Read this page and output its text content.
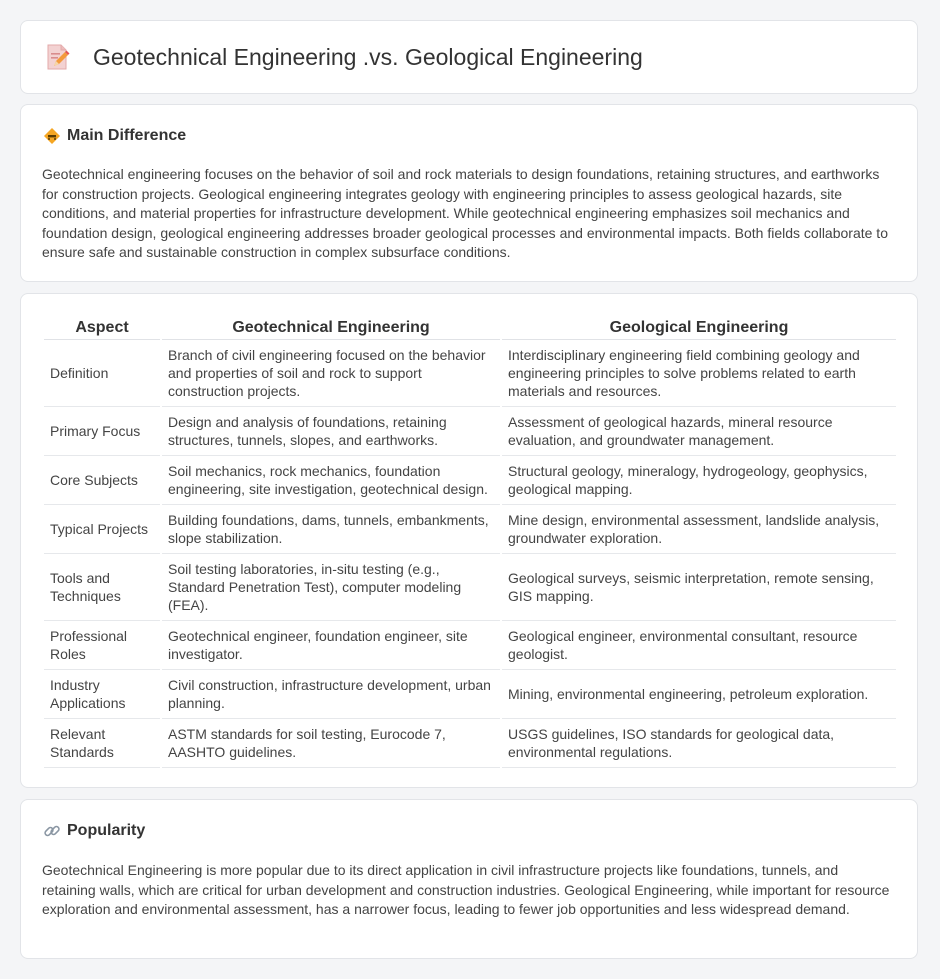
Geotechnical Engineering .vs. Geological Engineering
Main Difference

Geotechnical engineering focuses on the behavior of soil and rock materials to design foundations, retaining structures, and earthworks for construction projects. Geological engineering integrates geology with engineering principles to assess geological hazards, site conditions, and material properties for infrastructure development. While geotechnical engineering emphasizes soil mechanics and foundation design, geological engineering addresses broader geological processes and environmental impacts. Both fields collaborate to ensure safe and sustainable construction in complex subsurface conditions.

Aspect	Geotechnical Engineering	Geological Engineering
Definition	Branch of civil engineering focused on the behavior and properties of soil and rock to support construction projects.	Interdisciplinary engineering field combining geology and engineering principles to solve problems related to earth materials and resources.
Primary Focus	Design and analysis of foundations, retaining structures, tunnels, slopes, and earthworks.	Assessment of geological hazards, mineral resource evaluation, and groundwater management.
Core Subjects	Soil mechanics, rock mechanics, foundation engineering, site investigation, geotechnical design.	Structural geology, mineralogy, hydrogeology, geophysics, geological mapping.
Typical Projects	Building foundations, dams, tunnels, embankments, slope stabilization.	Mine design, environmental assessment, landslide analysis, groundwater exploration.
Tools and Techniques	Soil testing laboratories, in-situ testing (e.g., Standard Penetration Test), computer modeling (FEA).	Geological surveys, seismic interpretation, remote sensing, GIS mapping.
Professional Roles	Geotechnical engineer, foundation engineer, site investigator.	Geological engineer, environmental consultant, resource geologist.
Industry Applications	Civil construction, infrastructure development, urban planning.	Mining, environmental engineering, petroleum exploration.
Relevant Standards	ASTM standards for soil testing, Eurocode 7, AASHTO guidelines.	USGS guidelines, ISO standards for geological data, environmental regulations.
Popularity

Geotechnical Engineering is more popular due to its direct application in civil infrastructure projects like foundations, tunnels, and retaining walls, which are critical for urban development and construction industries. Geological Engineering, while important for resource exploration and environmental assessment, has a narrower focus, leading to fewer job opportunities and less widespread demand.
